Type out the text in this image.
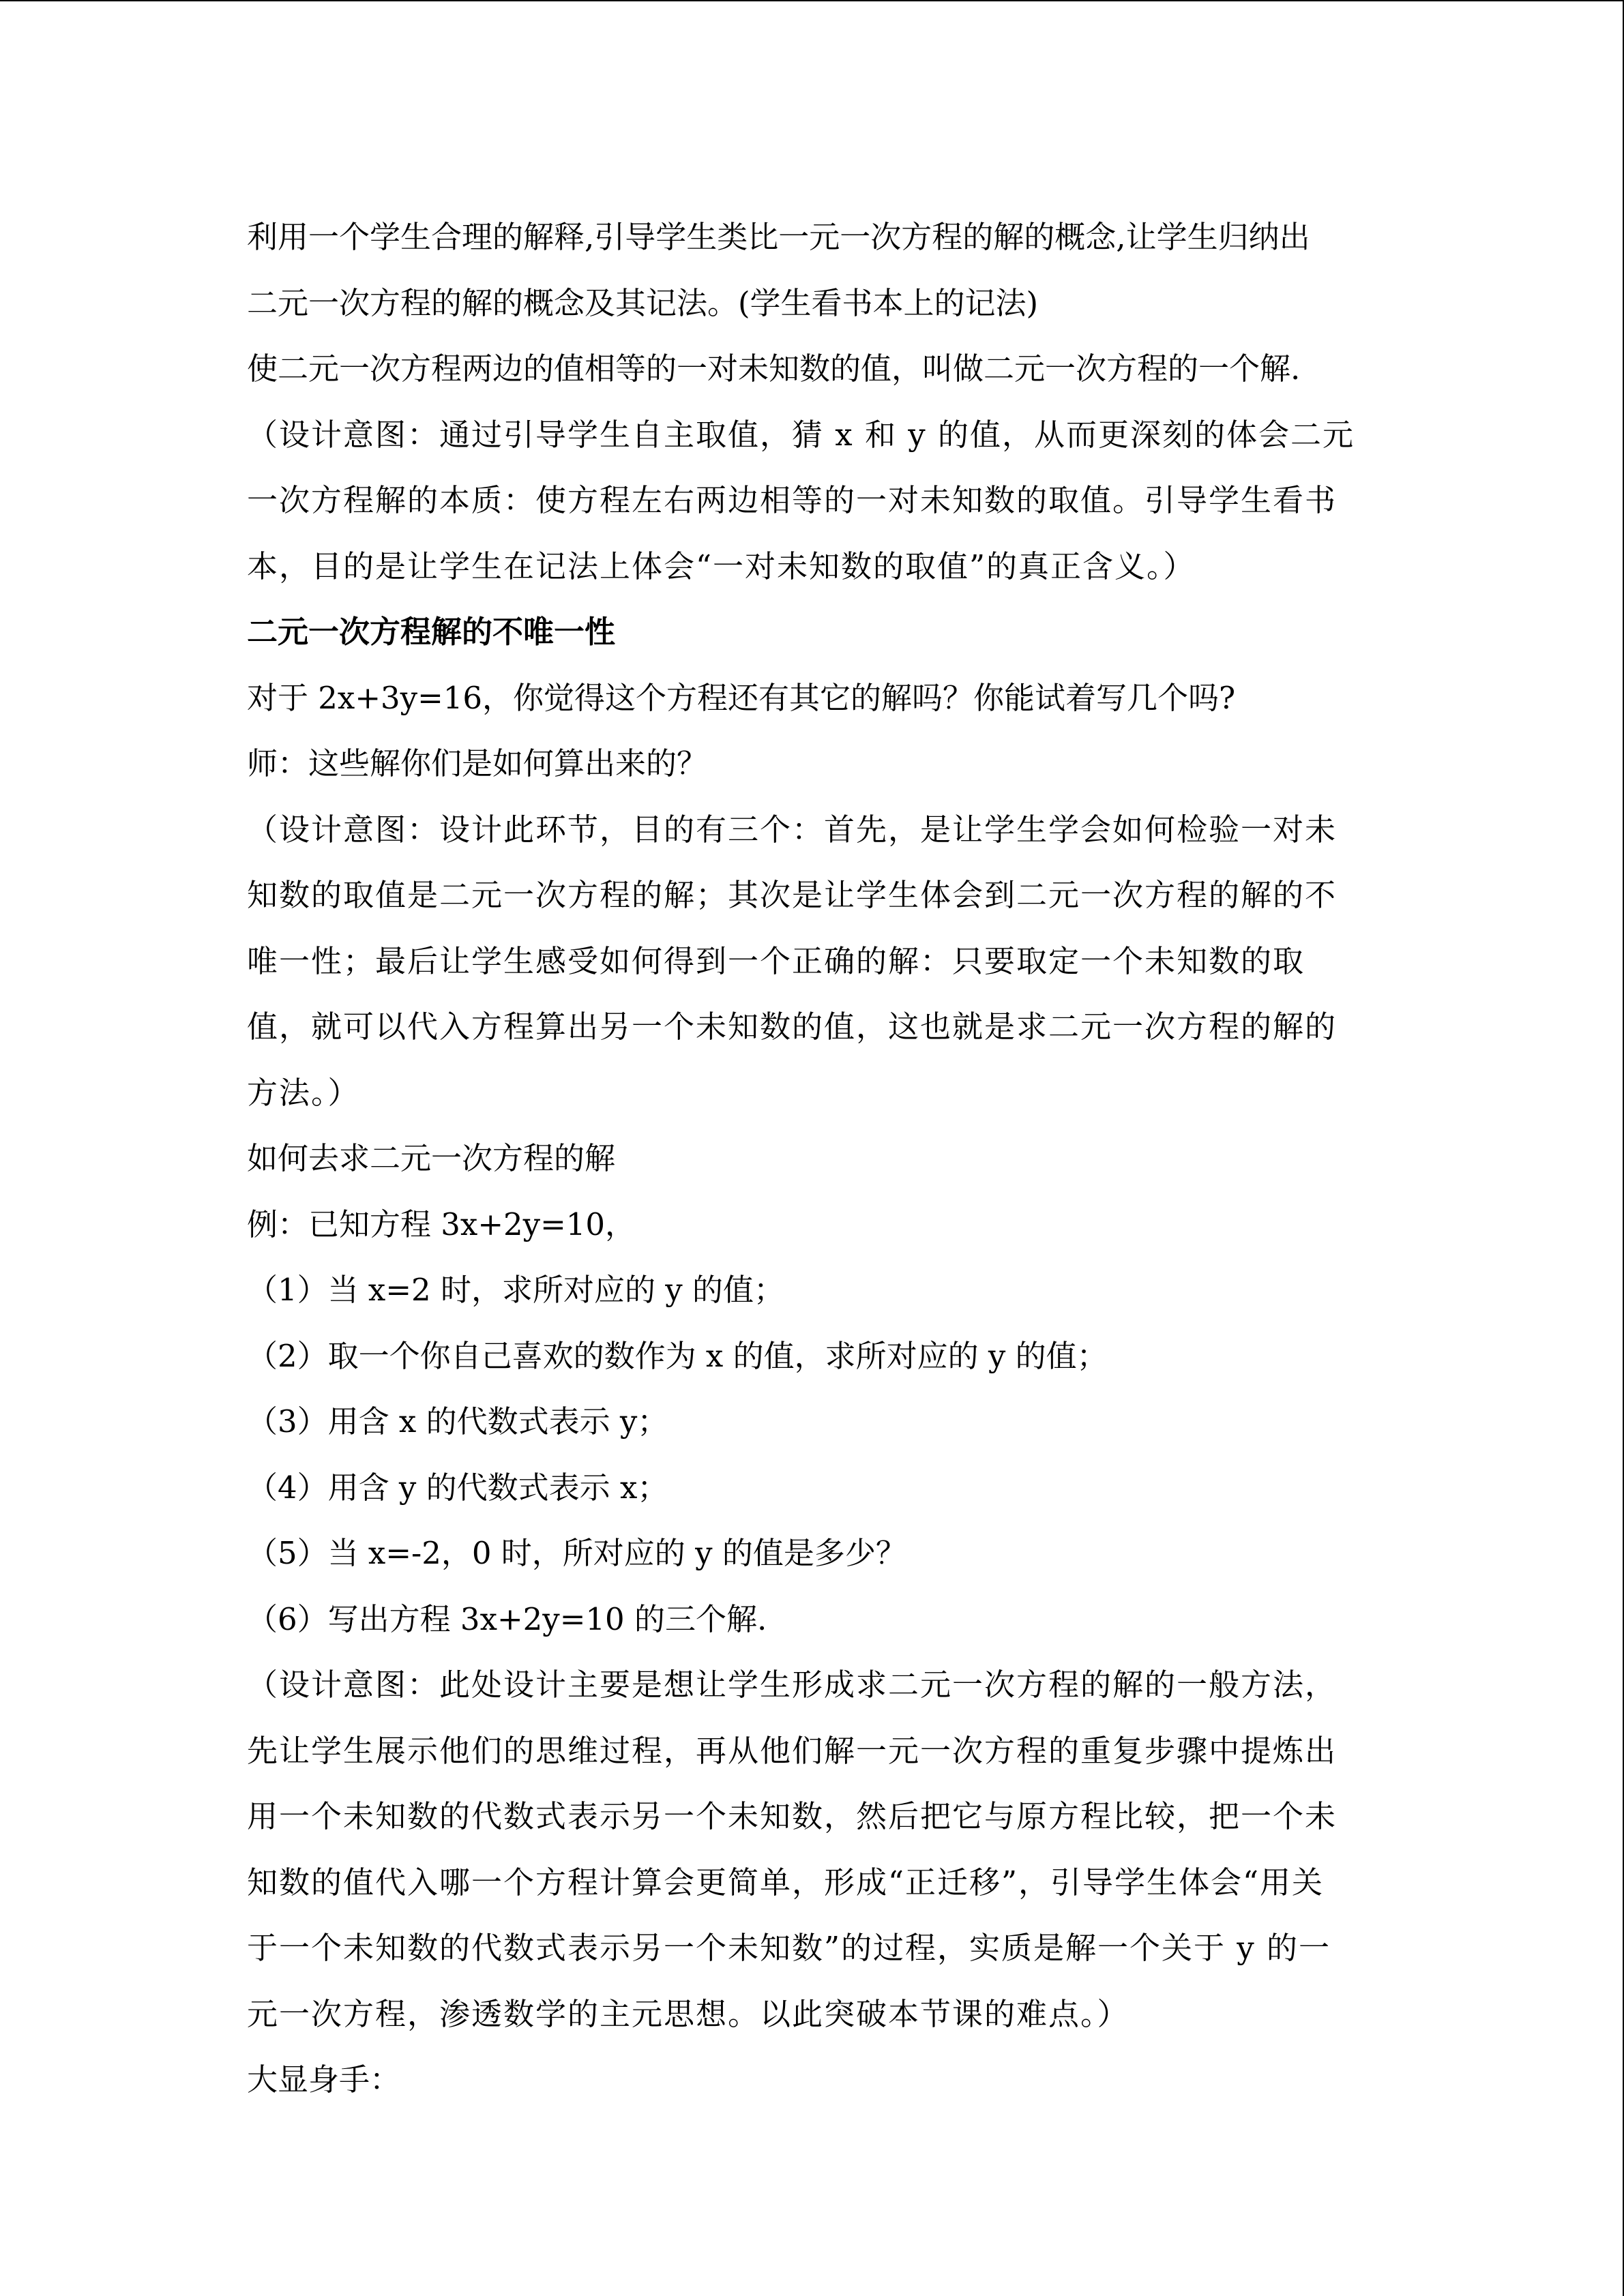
利用一个学生合理的解释,引导学生类比一元一次方程的解的概念,让学生归纳出
二元一次方程的解的概念及其记法。(学生看书本上的记法)
使二元一次方程两边的值相等的一对未知数的值，叫做二元一次方程的一个解.
（设计意图：通过引导学生自主取值，猜 x 和 y 的值，从而更深刻的体会二元
一次方程解的本质：使方程左右两边相等的一对未知数的取值。引导学生看书
本，目的是让学生在记法上体会“一对未知数的取值”的真正含义。）
二元一次方程解的不唯一性
对于 2x+3y=16，你觉得这个方程还有其它的解吗？你能试着写几个吗?
师：这些解你们是如何算出来的？
（设计意图：设计此环节，目的有三个：首先，是让学生学会如何检验一对未
知数的取值是二元一次方程的解；其次是让学生体会到二元一次方程的解的不
唯一性；最后让学生感受如何得到一个正确的解：只要取定一个未知数的取
值，就可以代入方程算出另一个未知数的值，这也就是求二元一次方程的解的
方法。）
如何去求二元一次方程的解
例：已知方程 3x+2y=10，
（1）当 x=2 时，求所对应的 y 的值；
（2）取一个你自己喜欢的数作为 x 的值，求所对应的 y 的值；
（3）用含 x 的代数式表示 y；
（4）用含 y 的代数式表示 x；
（5）当 x=-2，0 时，所对应的 y 的值是多少？
（6）写出方程 3x+2y=10 的三个解.
（设计意图：此处设计主要是想让学生形成求二元一次方程的解的一般方法，
先让学生展示他们的思维过程，再从他们解一元一次方程的重复步骤中提炼出
用一个未知数的代数式表示另一个未知数，然后把它与原方程比较，把一个未
知数的值代入哪一个方程计算会更简单，形成“正迁移”，引导学生体会“用关
于一个未知数的代数式表示另一个未知数”的过程，实质是解一个关于 y 的一
元一次方程，渗透数学的主元思想。以此突破本节课的难点。）
大显身手：
